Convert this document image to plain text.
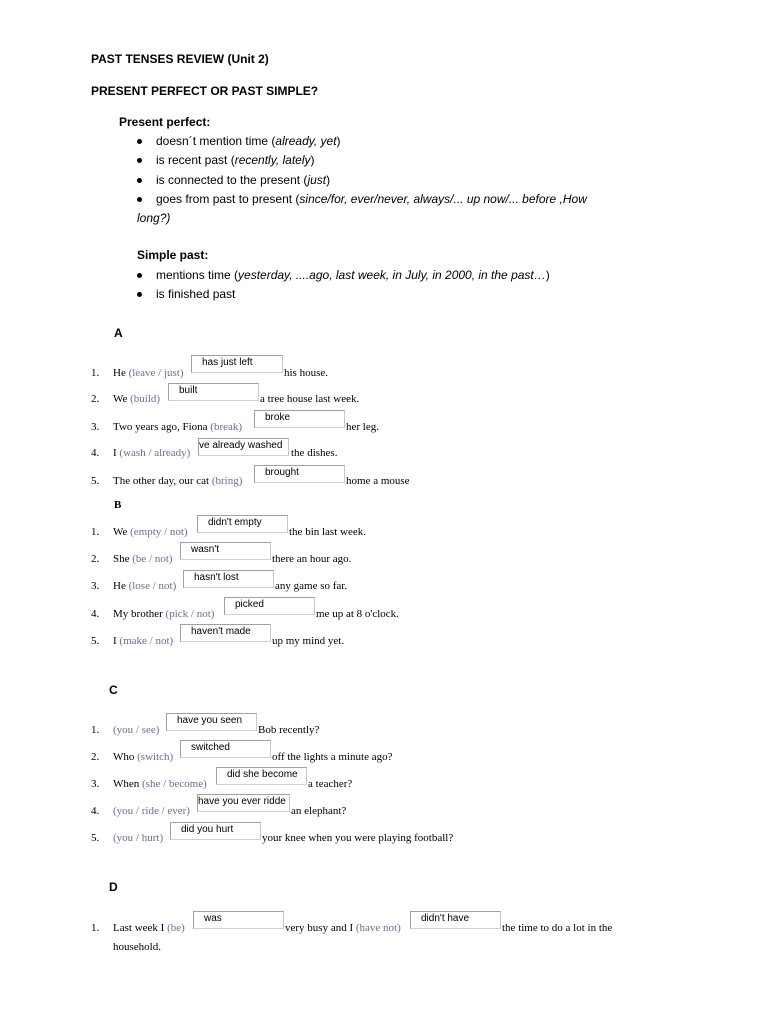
PAST TENSES REVIEW (Unit 2)
PRESENT PERFECT OR PAST SIMPLE?
Present perfect:
doesn´t mention time (already, yet)
is recent past (recently, lately)
is connected to the present (just)
goes from past to present (since/for, ever/never, always/... up now/... before ,How
long?)
Simple past:
mentions time (yesterday, ....ago, last week, in July, in 2000, in the past…)
is finished past
A
1. He (leave / just)
has just left
his house.
2. We (build)
built
a tree house last week.
3. Two years ago, Fiona (break)
broke
her leg.
4. I (wash / already)
ve already washed
the dishes.
5. The other day, our cat (bring)
brought
home a mouse
B
1. We (empty / not)
didn't empty
the bin last week.
2. She (be / not)
wasn't
there an hour ago.
3. He (lose / not)
hasn't lost
any game so far.
4. My brother (pick / not)
picked
me up at 8 o'clock.
5. I (make / not)
haven't made
up my mind yet.
C
1. (you / see)
have you seen
Bob recently?
2. Who (switch)
switched
off the lights a minute ago?
3. When (she / become)
did she become
a teacher?
4. (you / ride / ever)
have you ever ridde
an elephant?
5. (you / hurt)
did you hurt
your knee when you were playing football?
D
1. Last week I (be)
was
very busy and I (have not)
didn't have
the time to do a lot in the
household.
